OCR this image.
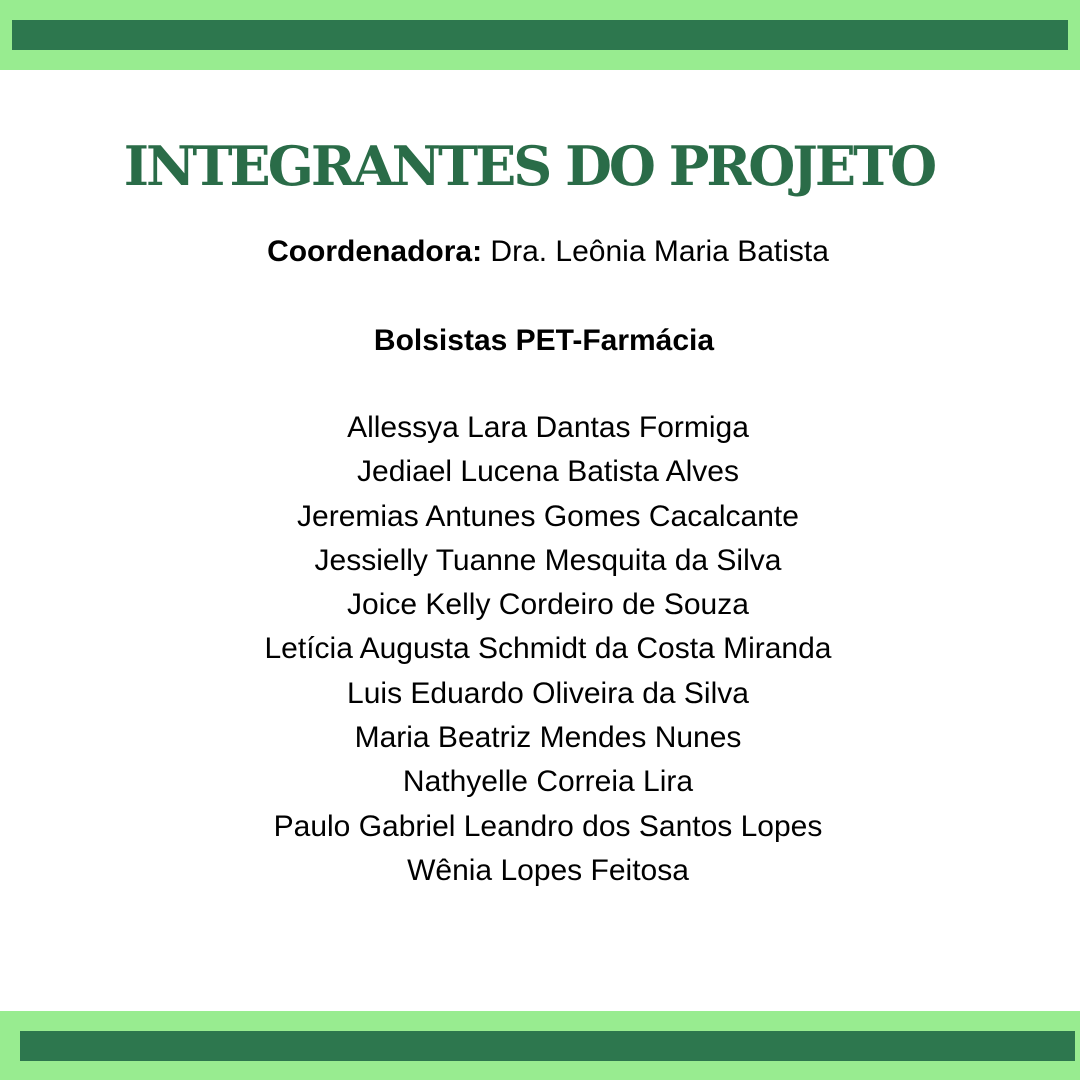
INTEGRANTES DO PROJETO
Coordenadora: Dra. Leônia Maria Batista
Bolsistas PET-Farmácia
Allessya Lara Dantas Formiga
Jediael Lucena Batista Alves
Jeremias Antunes Gomes Cacalcante
Jessielly Tuanne Mesquita da Silva
Joice Kelly Cordeiro de Souza
Letícia Augusta Schmidt da Costa Miranda
Luis Eduardo Oliveira da Silva
Maria Beatriz Mendes Nunes
Nathyelle Correia Lira
Paulo Gabriel Leandro dos Santos Lopes
Wênia Lopes Feitosa
